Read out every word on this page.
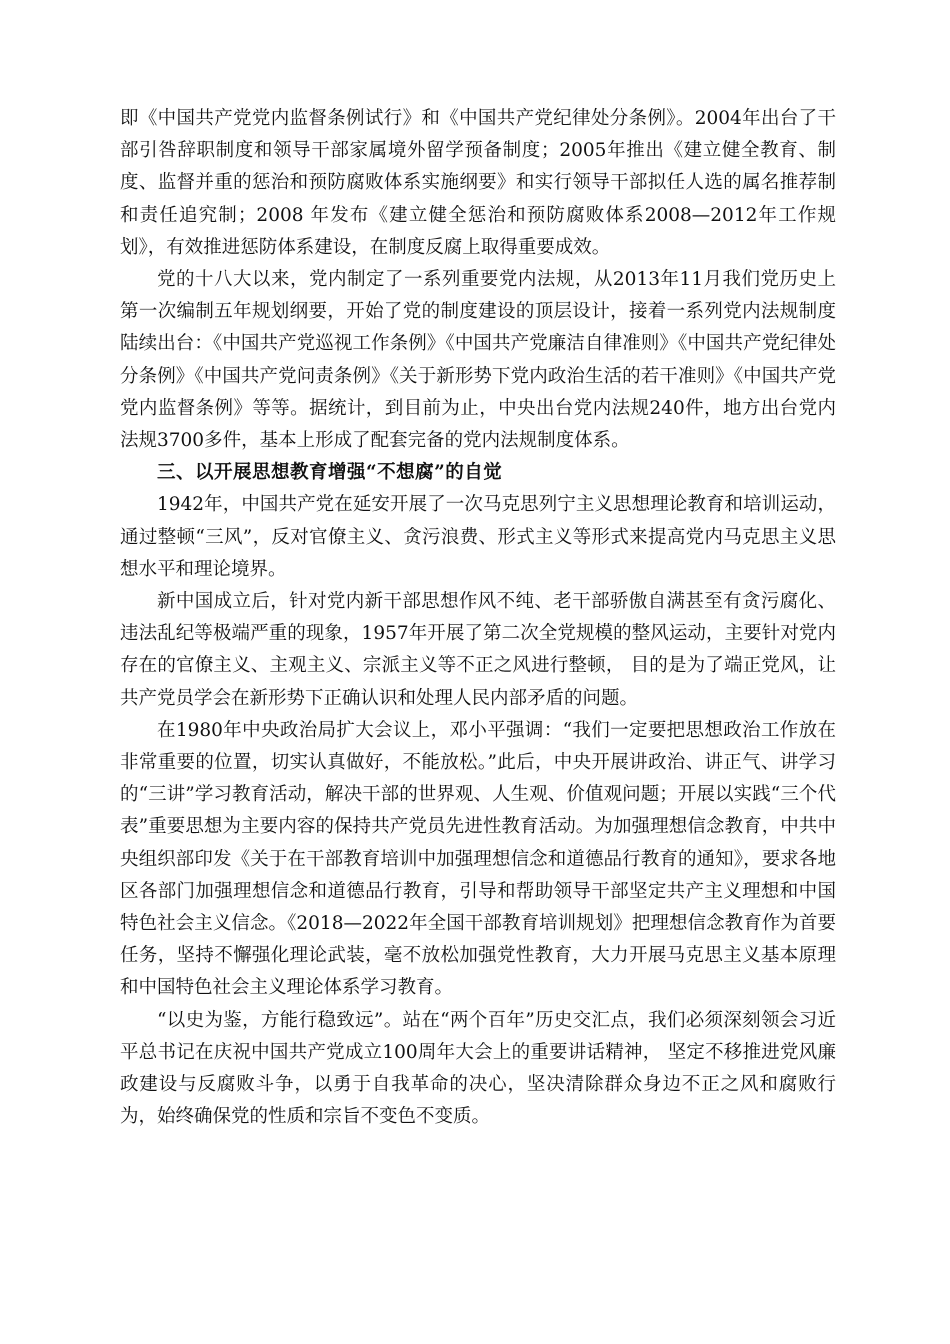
即《中国共产党党内监督条例试行》和《中国共产党纪律处分条例》。2004年出台了干部引咎辞职制度和领导干部家属境外留学预备制度；2005年推出《建立健全教育、制度、监督并重的惩治和预防腐败体系实施纲要》和实行领导干部拟任人选的属名推荐制和责任追究制；2008 年发布《建立健全惩治和预防腐败体系2008—2012年工作规划》，有效推进惩防体系建设，在制度反腐上取得重要成效。

党的十八大以来，党内制定了一系列重要党内法规，从2013年11月我们党历史上第一次编制五年规划纲要，开始了党的制度建设的顶层设计，接着一系列党内法规制度陆续出台：《中国共产党巡视工作条例》《中国共产党廉洁自律准则》《中国共产党纪律处分条例》《中国共产党问责条例》《关于新形势下党内政治生活的若干准则》《中国共产党党内监督条例》等等。据统计，到目前为止，中央出台党内法规240件，地方出台党内法规3700多件，基本上形成了配套完备的党内法规制度体系。

三、以开展思想教育增强“不想腐”的自觉

1942年，中国共产党在延安开展了一次马克思列宁主义思想理论教育和培训运动，通过整顿“三风”，反对官僚主义、贪污浪费、形式主义等形式来提高党内马克思主义思想水平和理论境界。

新中国成立后，针对党内新干部思想作风不纯、老干部骄傲自满甚至有贪污腐化、违法乱纪等极端严重的现象，1957年开展了第二次全党规模的整风运动，主要针对党内存在的官僚主义、主观主义、宗派主义等不正之风进行整顿， 目的是为了端正党风，让共产党员学会在新形势下正确认识和处理人民内部矛盾的问题。

在1980年中央政治局扩大会议上，邓小平强调：“我们一定要把思想政治工作放在非常重要的位置，切实认真做好，不能放松。”此后，中央开展讲政治、讲正气、讲学习的“三讲”学习教育活动，解决干部的世界观、人生观、价值观问题；开展以实践“三个代表”重要思想为主要内容的保持共产党员先进性教育活动。为加强理想信念教育，中共中央组织部印发《关于在干部教育培训中加强理想信念和道德品行教育的通知》，要求各地区各部门加强理想信念和道德品行教育，引导和帮助领导干部坚定共产主义理想和中国特色社会主义信念。《2018—2022年全国干部教育培训规划》把理想信念教育作为首要任务，坚持不懈强化理论武装，毫不放松加强党性教育，大力开展马克思主义基本原理和中国特色社会主义理论体系学习教育。

“以史为鉴，方能行稳致远”。站在“两个百年”历史交汇点，我们必须深刻领会习近平总书记在庆祝中国共产党成立100周年大会上的重要讲话精神， 坚定不移推进党风廉政建设与反腐败斗争，以勇于自我革命的决心，坚决清除群众身边不正之风和腐败行为，始终确保党的性质和宗旨不变色不变质。
